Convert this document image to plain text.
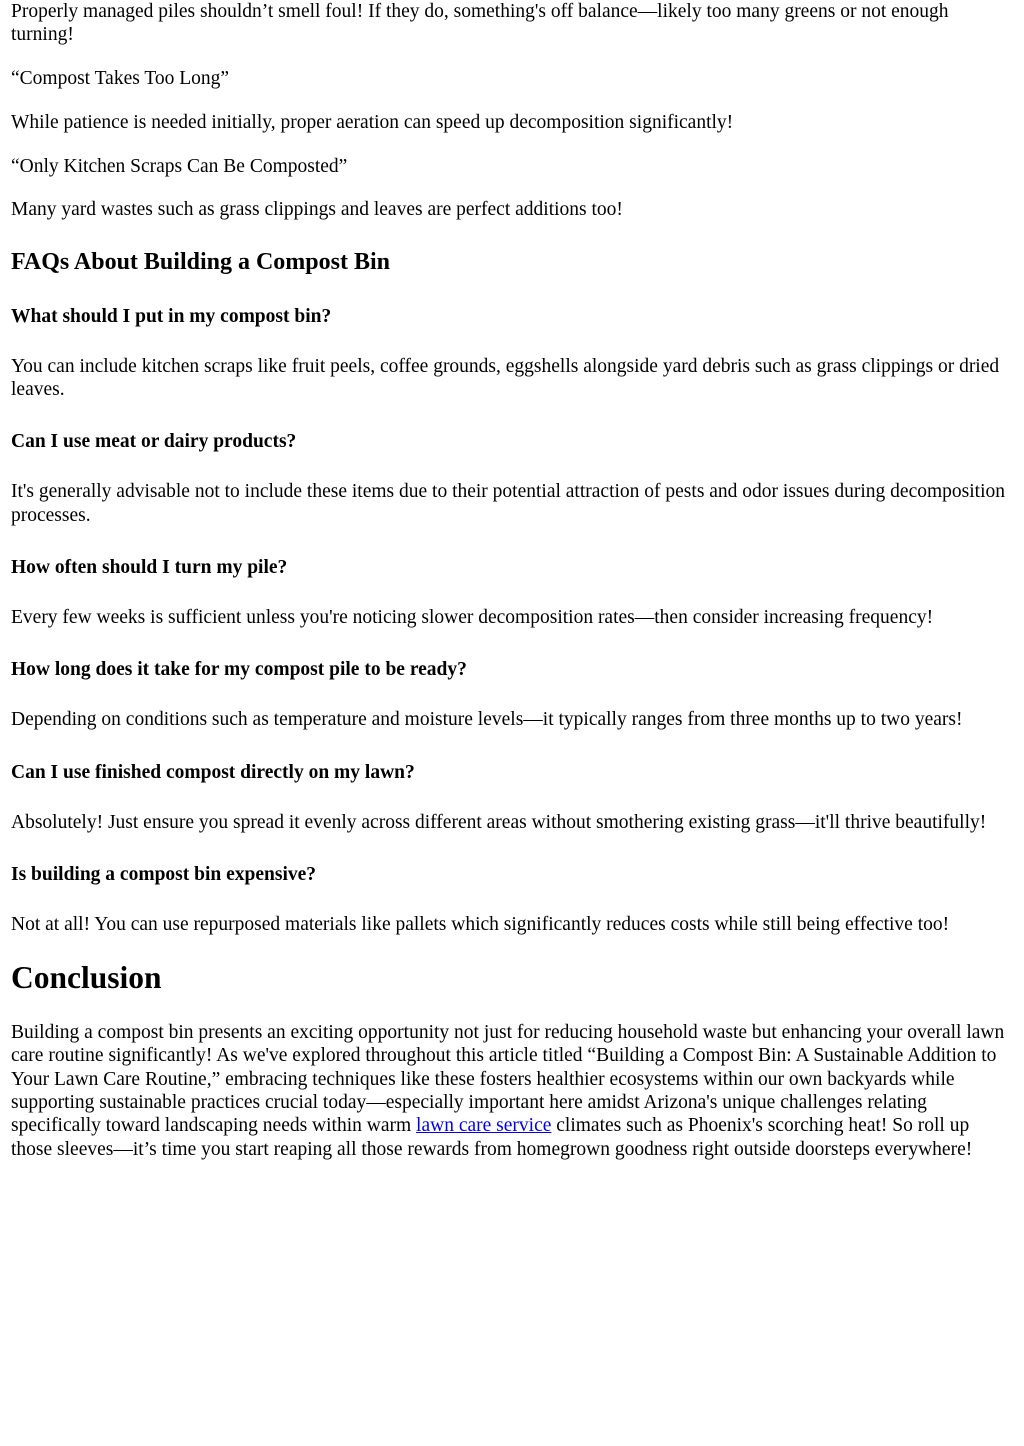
Properly managed piles shouldn’t smell foul! If they do, something's off balance—likely too many greens or not enough turning!

“Compost Takes Too Long”

While patience is needed initially, proper aeration can speed up decomposition significantly!

“Only Kitchen Scraps Can Be Composted”

Many yard wastes such as grass clippings and leaves are perfect additions too!

FAQs About Building a Compost Bin
What should I put in my compost bin?

You can include kitchen scraps like fruit peels, coffee grounds, eggshells alongside yard debris such as grass clippings or dried leaves.

Can I use meat or dairy products?

It's generally advisable not to include these items due to their potential attraction of pests and odor issues during decomposition processes.

How often should I turn my pile?

Every few weeks is sufficient unless you're noticing slower decomposition rates—then consider increasing frequency!

How long does it take for my compost pile to be ready?

Depending on conditions such as temperature and moisture levels—it typically ranges from three months up to two years!

Can I use finished compost directly on my lawn?

Absolutely! Just ensure you spread it evenly across different areas without smothering existing grass—it'll thrive beautifully!

Is building a compost bin expensive?

Not at all! You can use repurposed materials like pallets which significantly reduces costs while still being effective too!

Conclusion

Building a compost bin presents an exciting opportunity not just for reducing household waste but enhancing your overall lawn care routine significantly! As we've explored throughout this article titled “Building a Compost Bin: A Sustainable Addition to Your Lawn Care Routine,” embracing techniques like these fosters healthier ecosystems within our own backyards while supporting sustainable practices crucial today—especially important here amidst Arizona's unique challenges relating specifically toward landscaping needs within warm lawn care service climates such as Phoenix's scorching heat! So roll up those sleeves—it’s time you start reaping all those rewards from homegrown goodness right outside doorsteps everywhere!
